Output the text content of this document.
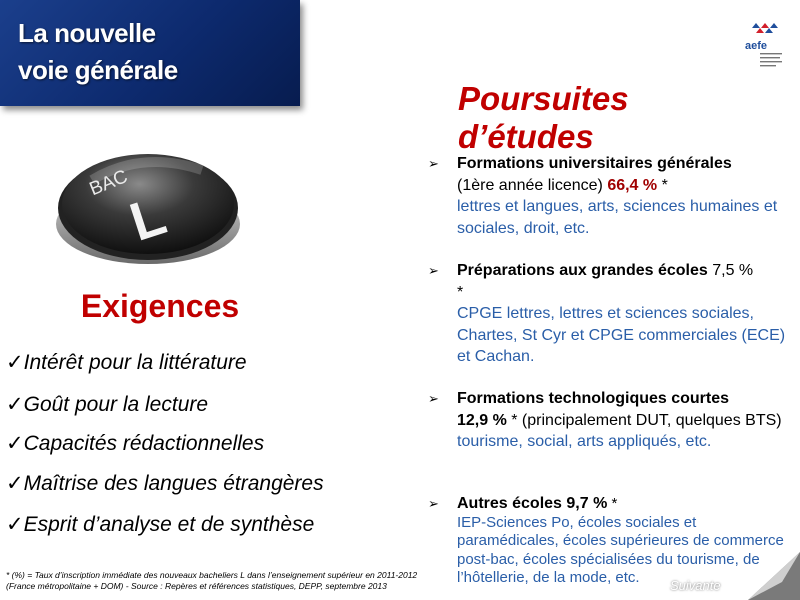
La nouvelle
voie générale
aefe
BAC
L
Exigences
✓Intérêt pour la littérature
✓Goût pour la lecture
✓Capacités rédactionnelles
✓Maîtrise des langues étrangères
✓Esprit d’analyse et de synthèse
* (%) = Taux d’inscription immédiate des nouveaux bacheliers L dans l’enseignement supérieur en 2011-2012
(France métropolitaine + DOM) - Source : Repères et références statistiques, DEPP, septembre 2013
Poursuites
d’études
➢ Formations universitaires générales
(1ère année licence) 66,4 % *
lettres et langues, arts, sciences humaines et sociales, droit, etc.
➢ Préparations aux grandes écoles 7,5 %
*
CPGE lettres, lettres et sciences sociales, Chartes, St Cyr et CPGE commerciales (ECE) et Cachan.
➢ Formations technologiques courtes
12,9 % * (principalement DUT, quelques BTS)
tourisme, social, arts appliqués, etc.
➢ Autres écoles 9,7 % *
IEP-Sciences Po, écoles sociales et paramédicales, écoles supérieures de commerce post-bac, écoles spécialisées du tourisme, de l’hôtellerie, de la mode, etc.	Suivante
